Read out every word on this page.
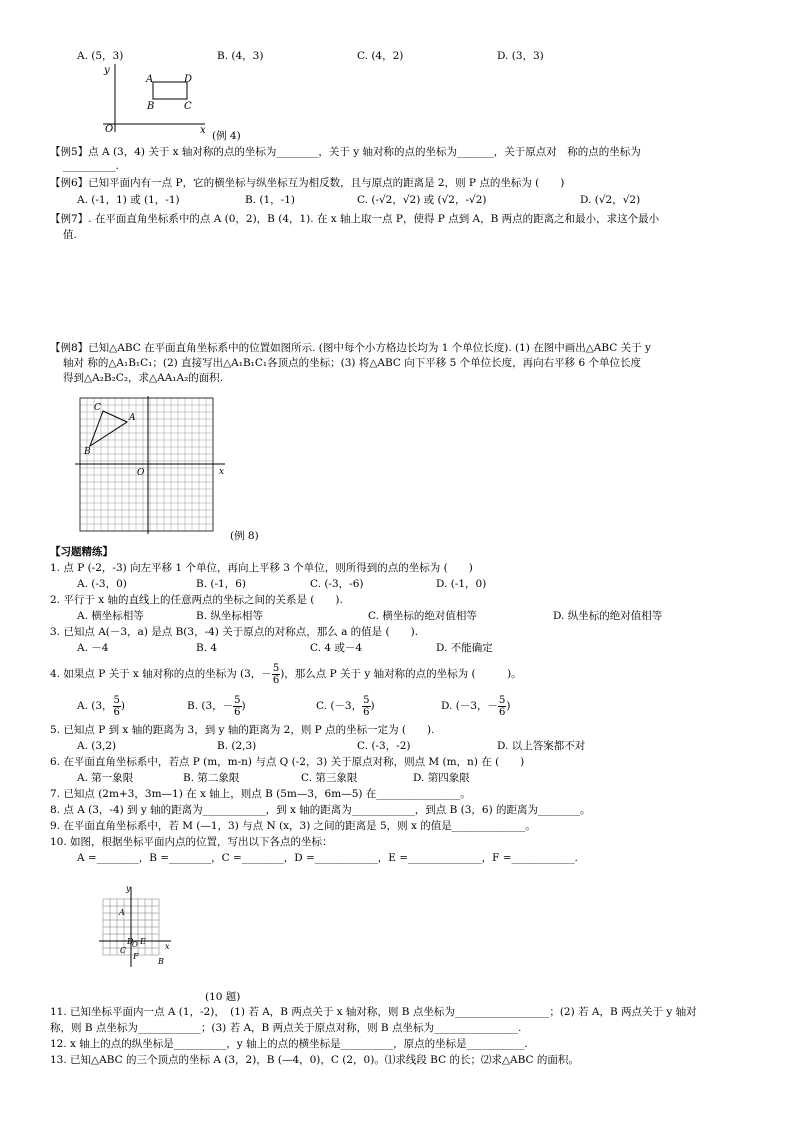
A. (5，3)	B. (4，3)	C. (4，2)	D. (3，3)
y
x
O
A	D
B	C
(例 4)
【例5】点 A (3，4) 关于 x 轴对称的点的坐标为________，关于 y 轴对称的点的坐标为_______，关于原点对　称的点的坐标为
__________.
【例6】已知平面内有一点 P，它的横坐标与纵坐标互为相反数，且与原点的距离是 2，则 P 点的坐标为 (　　)
A. (-1，1) 或 (1，-1)	B. (1，-1)	C. (-√2，√2) 或 (√2，-√2)	D. (√2，√2)
【例7】. 在平面直角坐标系中的点 A (0，2)，B (4，1). 在 x 轴上取一点 P，使得 P 点到 A，B 两点的距离之和最小，求这个最小
值.
【例8】已知△ABC 在平面直角坐标系中的位置如图所示. (图中每个小方格边长均为 1 个单位长度). (1) 在图中画出△ABC 关于 y
轴对 称的△A₁B₁C₁；(2) 直接写出△A₁B₁C₁各顶点的坐标；(3) 将△ABC 向下平移 5 个单位长度，再向右平移 6 个单位长度
得到△A₂B₂C₂，求△AA₁A₂的面积.
C
A
B
O	x
(例 8)
【习题精练】
1. 点 P (-2，-3) 向左平移 1 个单位，再向上平移 3 个单位，则所得到的点的坐标为 (　　)
A. (-3，0)	B. (-1，6)	C. (-3，-6)	D. (-1，0)
2. 平行于 x 轴的直线上的任意两点的坐标之间的关系是 (　　).
A. 横坐标相等	B. 纵坐标相等	C. 横坐标的绝对值相等	D. 纵坐标的绝对值相等
3. 已知点 A(－3，a) 是点 B(3，-4) 关于原点的对称点，那么 a 的值是 (　　).
A. －4	B. 4	C. 4 或－4	D. 不能确定
4. 如果点 P 关于 x 轴对称的点的坐标为 (3，－ $\frac{5}{6}$ )，那么点 P 关于 y 轴对称的点的坐标为 (　　　)。
A. (3， $\frac{5}{6}$ )	B. (3，－ $\frac{5}{6}$ )	C. (－3， $\frac{5}{6}$ )	D. (－3，－ $\frac{5}{6}$ )
5. 已知点 P 到 x 轴的距离为 3，到 y 轴的距离为 2，则 P 点的坐标一定为 (　　).
A. (3,2)	B. (2,3)	C. (-3，-2)	D. 以上答案都不对
6. 在平面直角坐标系中，若点 P (m，m-n) 与点 Q (-2，3) 关于原点对称，则点 M (m，n) 在 (　　)
A. 第一象限	B. 第二象限	C. 第三象限	D. 第四象限
7. 已知点 (2m+3，3m—1) 在 x 轴上，则点 B (5m—3，6m—5) 在________________。
8. 点 A (3，-4) 到 y 轴的距离为____________，到 x 轴的距离为____________，到点 B (3，6) 的距离为________。
9. 在平面直角坐标系中，若 M (—1，3) 与点 N (x，3) 之间的距离是 5，则 x 的值是______________。
10. 如图，根据坐标平面内点的位置，写出以下各点的坐标：
A =________，B =________，C =________，D =____________，E =______________，F =____________.
y
x
A
D E
O
C
F
B
(10 题)
11. 已知坐标平面内一点 A (1，-2)，　(1) 若 A，B 两点关于 x 轴对称，则 B 点坐标为__________________；(2) 若 A，B 两点关于 y 轴对
称，则 B 点坐标为____________；(3) 若 A，B 两点关于原点对称，则 B 点坐标为________________.
12. x 轴上的点的纵坐标是__________，y 轴上的点的横坐标是__________，原点的坐标是___________.
13. 已知△ABC 的三个顶点的坐标 A (3，2)，B (—4，0)，C (2，0)。⑴求线段 BC 的长；⑵求△ABC 的面积。
